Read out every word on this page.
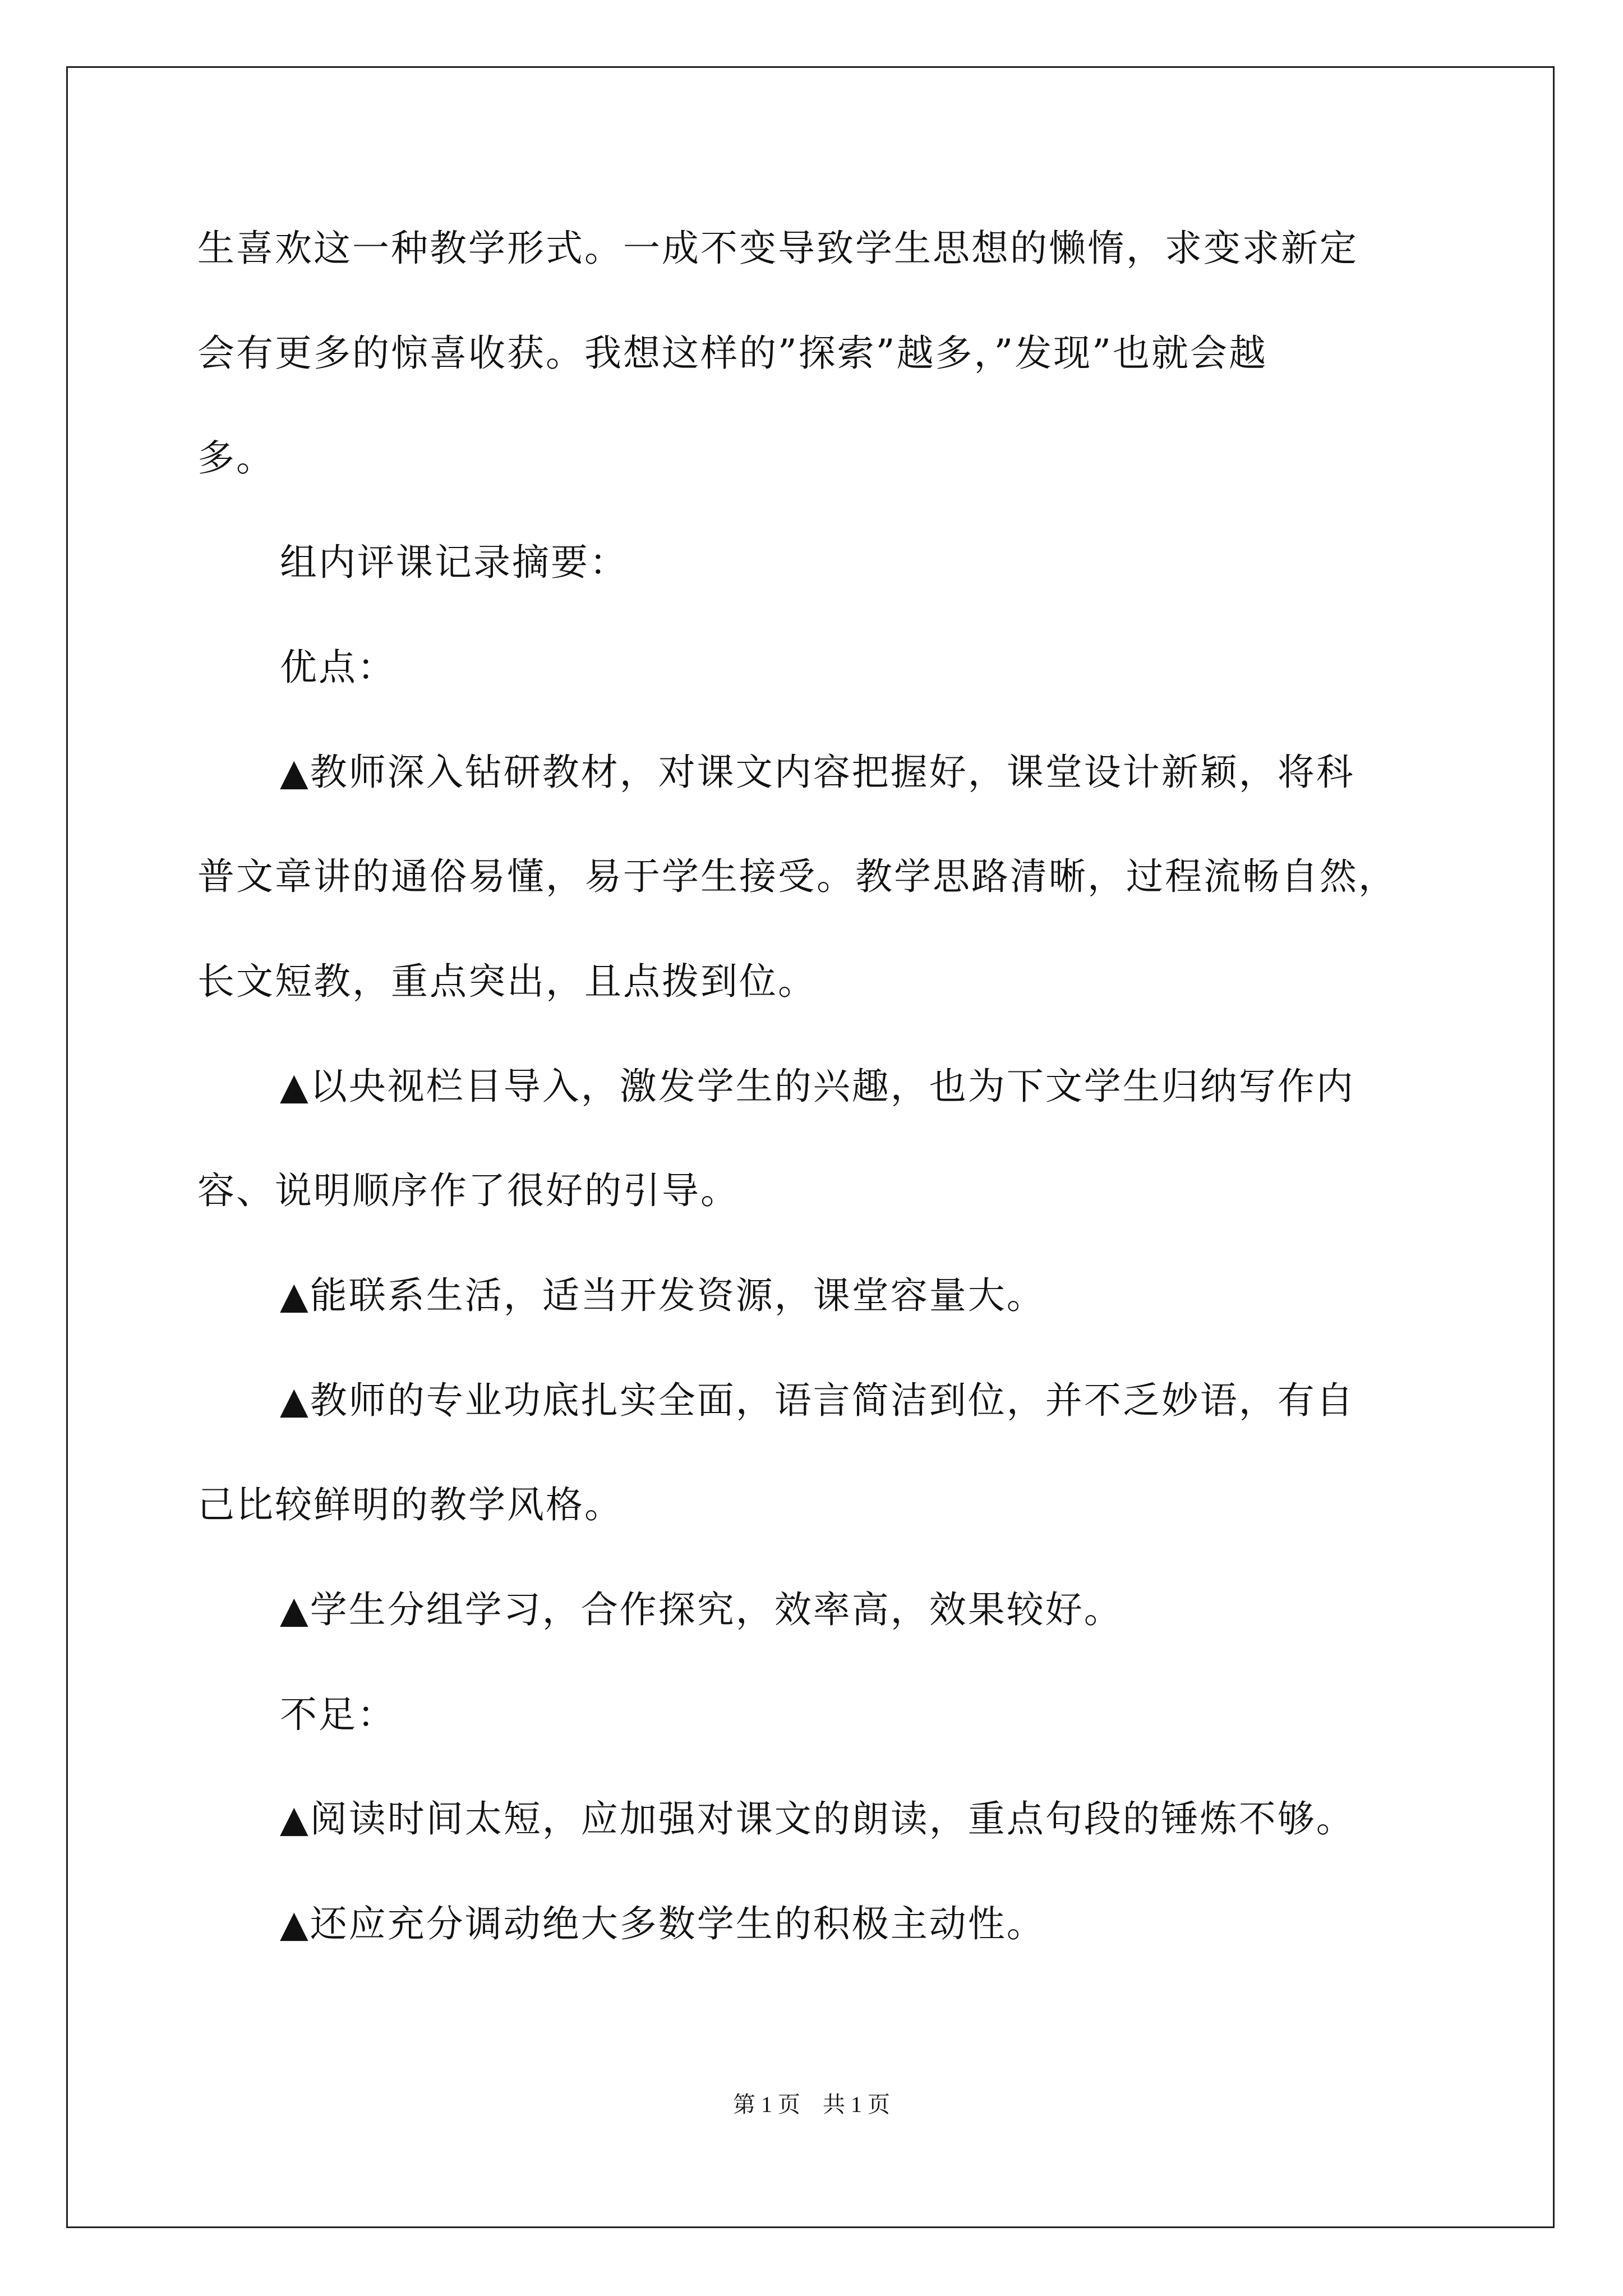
生喜欢这一种教学形式。一成不变导致学生思想的懒惰，求变求新定
会有更多的惊喜收获。我想这样的”探索”越多，”发现”也就会越
多。
组内评课记录摘要：
优点：
▲教师深入钻研教材，对课文内容把握好，课堂设计新颖，将科
普文章讲的通俗易懂，易于学生接受。教学思路清晰，过程流畅自然，
长文短教，重点突出，且点拨到位。
▲以央视栏目导入，激发学生的兴趣，也为下文学生归纳写作内
容、说明顺序作了很好的引导。
▲能联系生活，适当开发资源，课堂容量大。
▲教师的专业功底扎实全面，语言简洁到位，并不乏妙语，有自
己比较鲜明的教学风格。
▲学生分组学习，合作探究，效率高，效果较好。
不足：
▲阅读时间太短，应加强对课文的朗读，重点句段的锤炼不够。
▲还应充分调动绝大多数学生的积极主动性。
第 1 页　共 1 页
